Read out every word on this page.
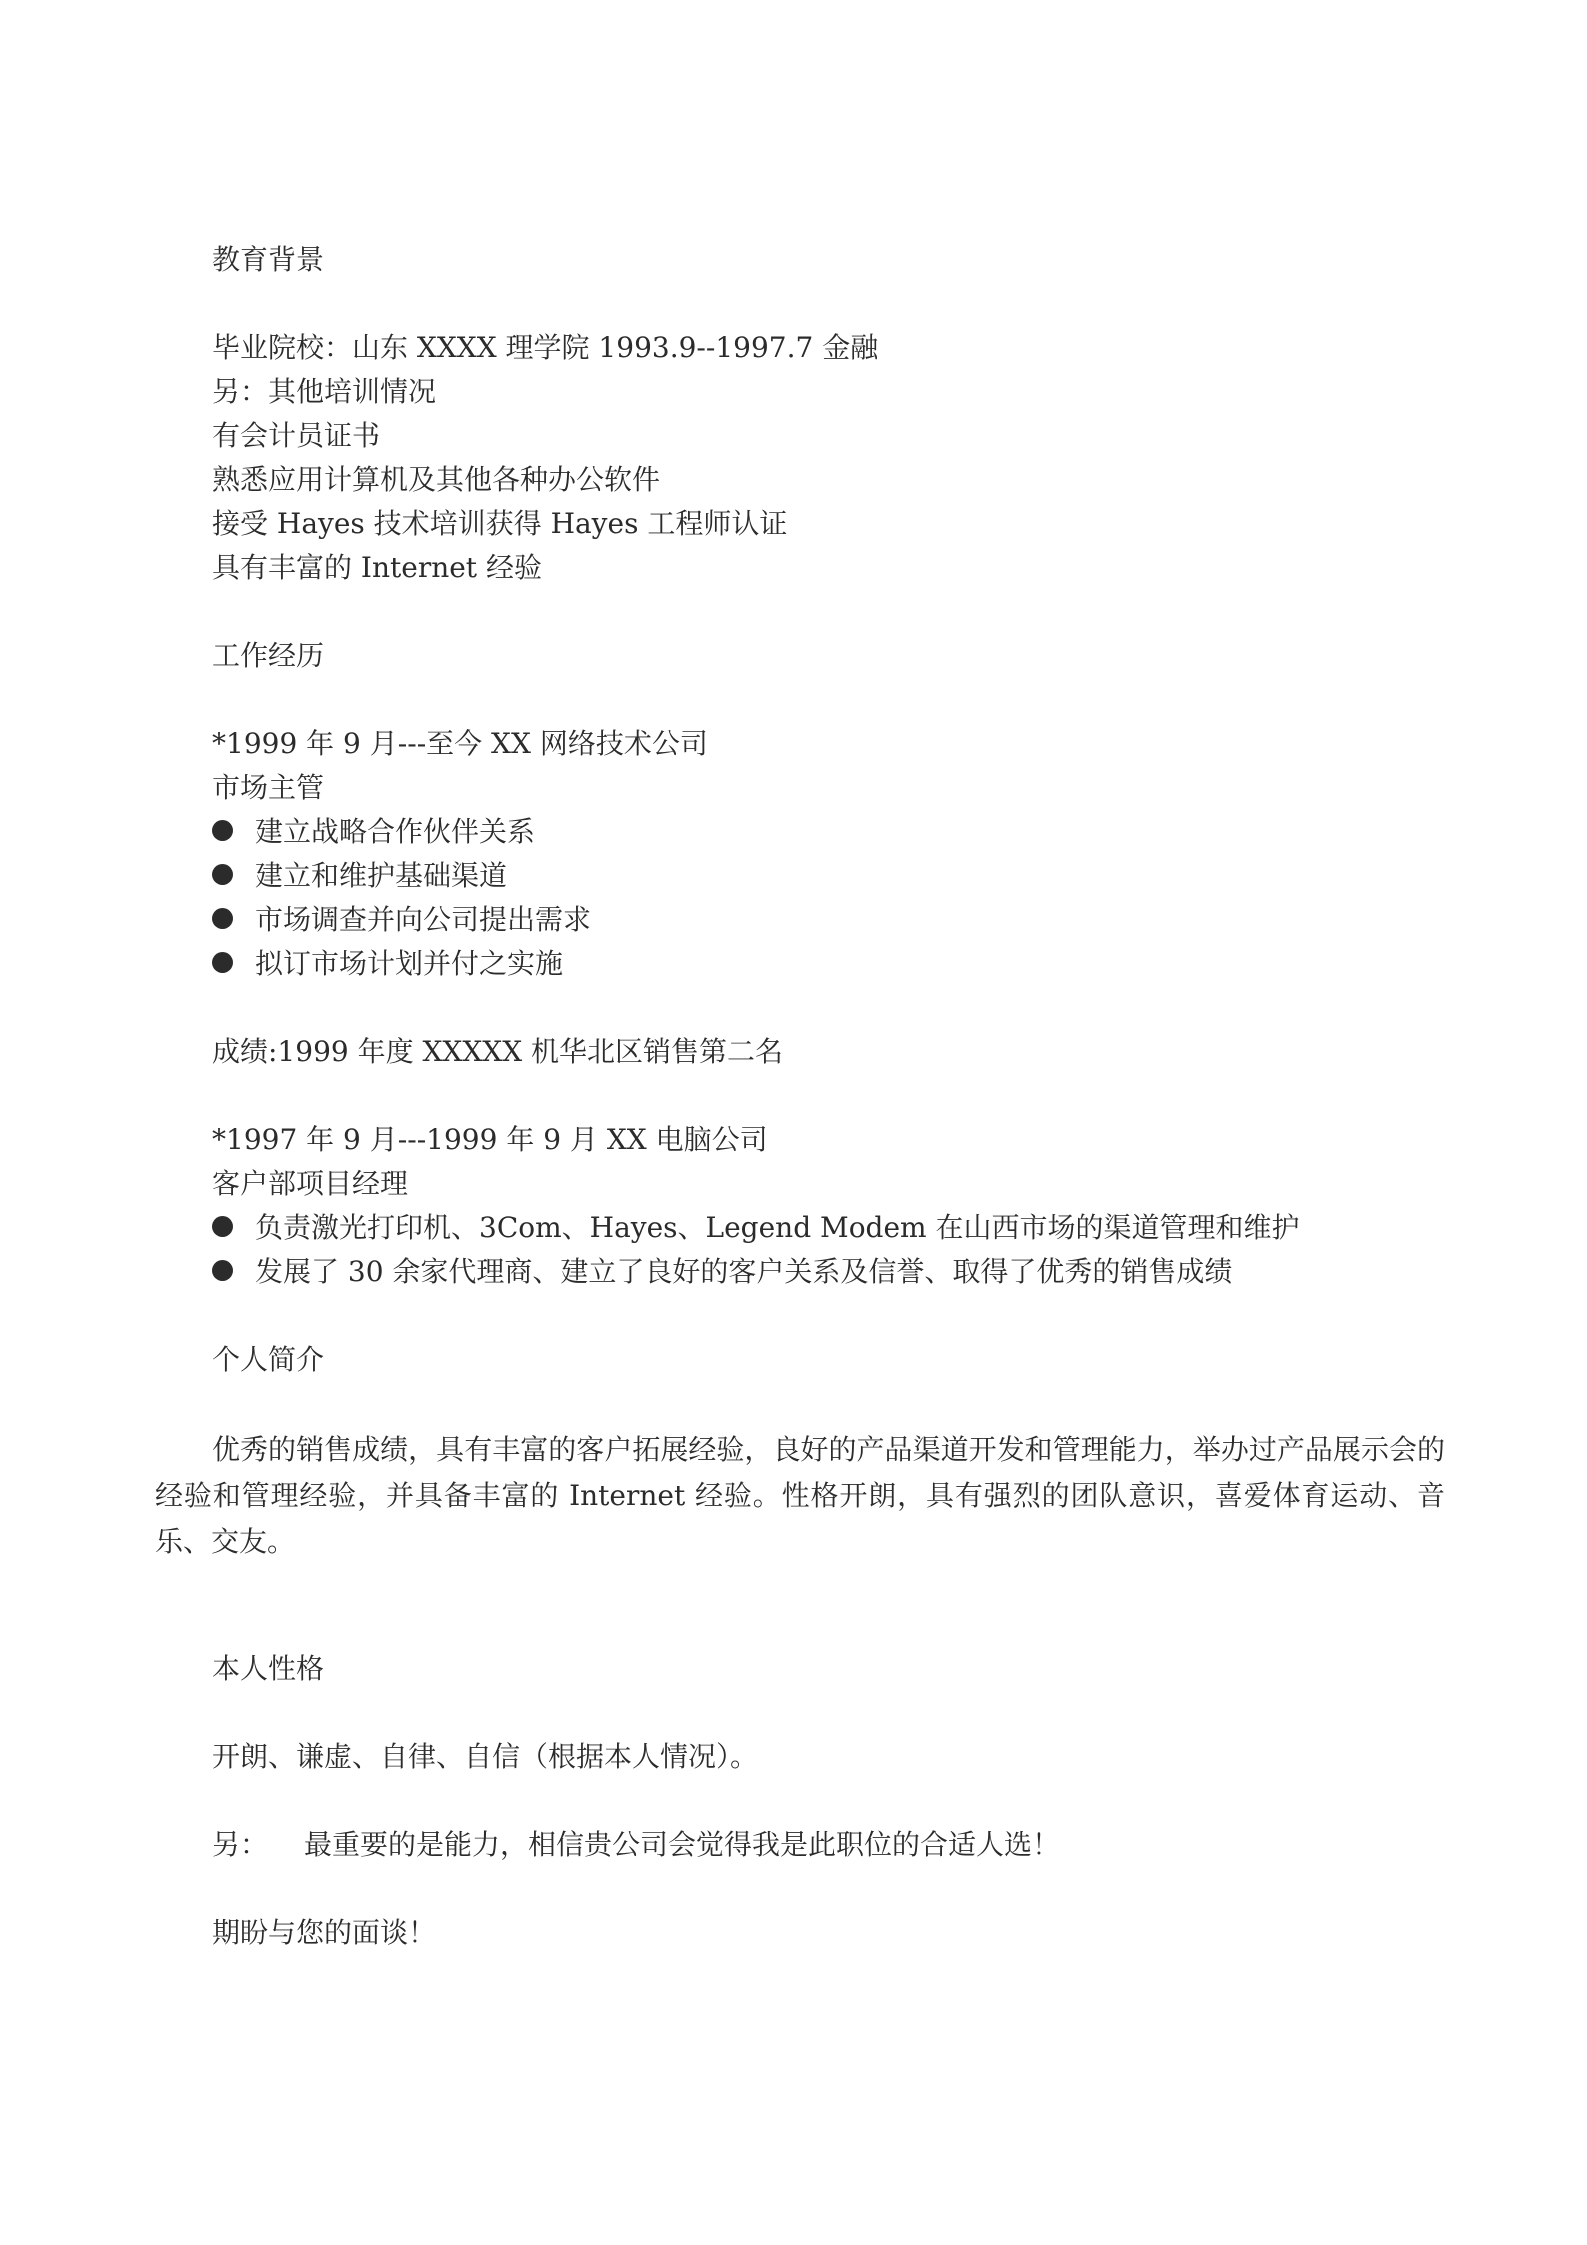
教育背景
毕业院校：山东 XXXX 理学院 1993.9--1997.7 金融
另：其他培训情况
有会计员证书
熟悉应用计算机及其他各种办公软件
接受 Hayes 技术培训获得 Hayes 工程师认证
具有丰富的 Internet 经验
工作经历
*1999 年 9 月---至今 XX 网络技术公司
市场主管
建立战略合作伙伴关系
建立和维护基础渠道
市场调查并向公司提出需求
拟订市场计划并付之实施
成绩:1999 年度 XXXXX 机华北区销售第二名
*1997 年 9 月---1999 年 9 月 XX 电脑公司
客户部项目经理
负责激光打印机、3Com、Hayes、Legend Modem 在山西市场的渠道管理和维护
发展了 30 余家代理商、建立了良好的客户关系及信誉、取得了优秀的销售成绩
个人简介
优秀的销售成绩，具有丰富的客户拓展经验，良好的产品渠道开发和管理能力，举办过产品展示会的经验和管理经验，并具备丰富的 Internet 经验。性格开朗，具有强烈的团队意识，喜爱体育运动、音乐、交友。
本人性格
开朗、谦虚、自律、自信（根据本人情况）。
另： 最重要的是能力，相信贵公司会觉得我是此职位的合适人选！
期盼与您的面谈！
